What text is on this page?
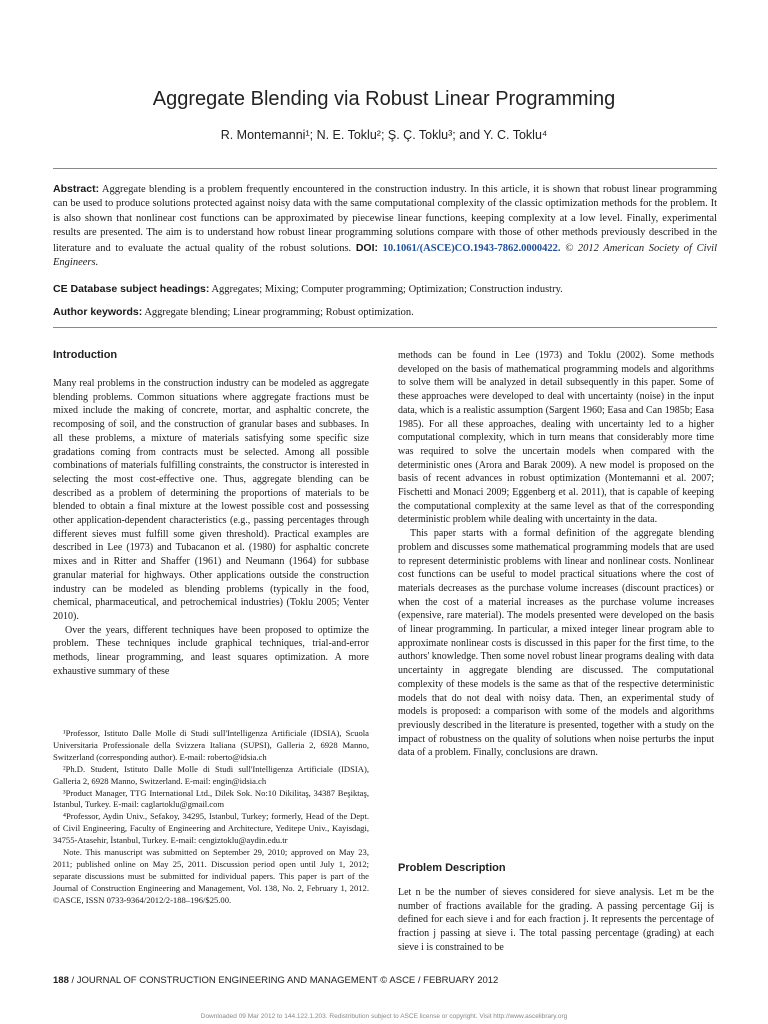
Aggregate Blending via Robust Linear Programming
R. Montemanni¹; N. E. Toklu²; Ş. Ç. Toklu³; and Y. C. Toklu⁴
Abstract: Aggregate blending is a problem frequently encountered in the construction industry. In this article, it is shown that robust linear programming can be used to produce solutions protected against noisy data with the same computational complexity of the classic optimization methods for the problem. It is also shown that nonlinear cost functions can be approximated by piecewise linear functions, keeping complexity at a low level. Finally, experimental results are presented. The aim is to understand how robust linear programming solutions compare with those of other methods previously described in the literature and to evaluate the actual quality of the robust solutions. DOI: 10.1061/(ASCE)CO.1943-7862.0000422. © 2012 American Society of Civil Engineers.
CE Database subject headings: Aggregates; Mixing; Computer programming; Optimization; Construction industry.
Author keywords: Aggregate blending; Linear programming; Robust optimization.
Introduction

Many real problems in the construction industry can be modeled as aggregate blending problems. Common situations where aggregate fractions must be mixed include the making of concrete, mortar, and asphaltic concrete, the recomposing of soil, and the construction of granular bases and subbases. In all these problems, a mixture of materials satisfying some specific size gradations coming from contracts must be selected. Among all possible combinations of materials fulfilling constraints, the constructor is interested in selecting the most cost-effective one. Thus, aggregate blending can be described as a problem of determining the proportions of materials to be blended to obtain a final mixture at the lowest possible cost and possessing other application-dependent characteristics (e.g., passing percentages through different sieves must fulfill some given threshold). Practical examples are described in Lee (1973) and Tubacanon et al. (1980) for asphaltic concrete mixes and in Ritter and Shaffer (1961) and Neumann (1964) for subbase granular material for highways. Other applications outside the construction industry can be modeled as blending problems (typically in the food, chemical, pharmaceutical, and petrochemical industries) (Toklu 2005; Venter 2010).

Over the years, different techniques have been proposed to optimize the problem. These techniques include graphical techniques, trial-and-error methods, linear programming, and least squares optimization. A more exhaustive summary of these

¹Professor, Istituto Dalle Molle di Studi sull'Intelligenza Artificiale (IDSIA), Scuola Universitaria Professionale della Svizzera Italiana (SUPSI), Galleria 2, 6928 Manno, Switzerland (corresponding author). E-mail: roberto@idsia.ch

²Ph.D. Student, Istituto Dalle Molle di Studi sull'Intelligenza Artificiale (IDSIA), Galleria 2, 6928 Manno, Switzerland. E-mail: engin@idsia.ch

³Product Manager, TTG International Ltd., Dilek Sok. No:10 Dikilitaş, 34387 Beşiktaş, Istanbul, Turkey. E-mail: caglartoklu@gmail.com

⁴Professor, Aydin Univ., Sefakoy, 34295, Istanbul, Turkey; formerly, Head of the Dept. of Civil Engineering, Faculty of Engineering and Architecture, Yeditepe Univ., Kayisdagi, 34755-Atasehir, İstanbul, Turkey. E-mail: cengiztoklu@aydin.edu.tr

Note. This manuscript was submitted on September 29, 2010; approved on May 23, 2011; published online on May 25, 2011. Discussion period open until July 1, 2012; separate discussions must be submitted for individual papers. This paper is part of the Journal of Construction Engineering and Management, Vol. 138, No. 2, February 1, 2012. ©ASCE, ISSN 0733-9364/2012/2-188–196/$25.00.

methods can be found in Lee (1973) and Toklu (2002). Some methods developed on the basis of mathematical programming models and algorithms to solve them will be analyzed in detail subsequently in this paper. Some of these approaches were developed to deal with uncertainty (noise) in the input data, which is a realistic assumption (Sargent 1960; Easa and Can 1985b; Easa 1985). For all these approaches, dealing with uncertainty led to a higher computational complexity, which in turn means that considerably more time was required to solve the uncertain models when compared with the deterministic ones (Arora and Barak 2009). A new model is proposed on the basis of recent advances in robust optimization (Montemanni et al. 2007; Fischetti and Monaci 2009; Eggenberg et al. 2011), that is capable of keeping the computational complexity at the same level as that of the corresponding deterministic problem while dealing with uncertainty in the data.

This paper starts with a formal definition of the aggregate blending problem and discusses some mathematical programming models that are used to represent deterministic problems with linear and nonlinear costs. Nonlinear cost functions can be useful to model practical situations where the cost of materials decreases as the purchase volume increases (discount practices) or when the cost of a material increases as the purchase volume increases (expensive, rare material). The models presented were developed on the basis of linear programming. In particular, a mixed integer linear program able to approximate nonlinear costs is discussed in this paper for the first time, to the authors' knowledge. Then some novel robust linear programs dealing with data uncertainty in aggregate blending are discussed. The computational complexity of these models is the same as that of the respective deterministic models that do not deal with noisy data. Then, an experimental study of models is proposed: a comparison with some of the models and algorithms previously described in the literature is presented, together with a study on the impact of robustness on the quality of solutions when noise perturbs the input data of a problem. Finally, conclusions are drawn.

Problem Description

Let n be the number of sieves considered for sieve analysis. Let m be the number of fractions available for the grading. A passing percentage Gij is defined for each sieve i and for each fraction j. It represents the percentage of fraction j passing at sieve i. The total passing percentage (grading) at each sieve i is constrained to be

188 / JOURNAL OF CONSTRUCTION ENGINEERING AND MANAGEMENT © ASCE / FEBRUARY 2012
Downloaded 09 Mar 2012 to 144.122.1.203. Redistribution subject to ASCE license or copyright. Visit http://www.ascelibrary.org
